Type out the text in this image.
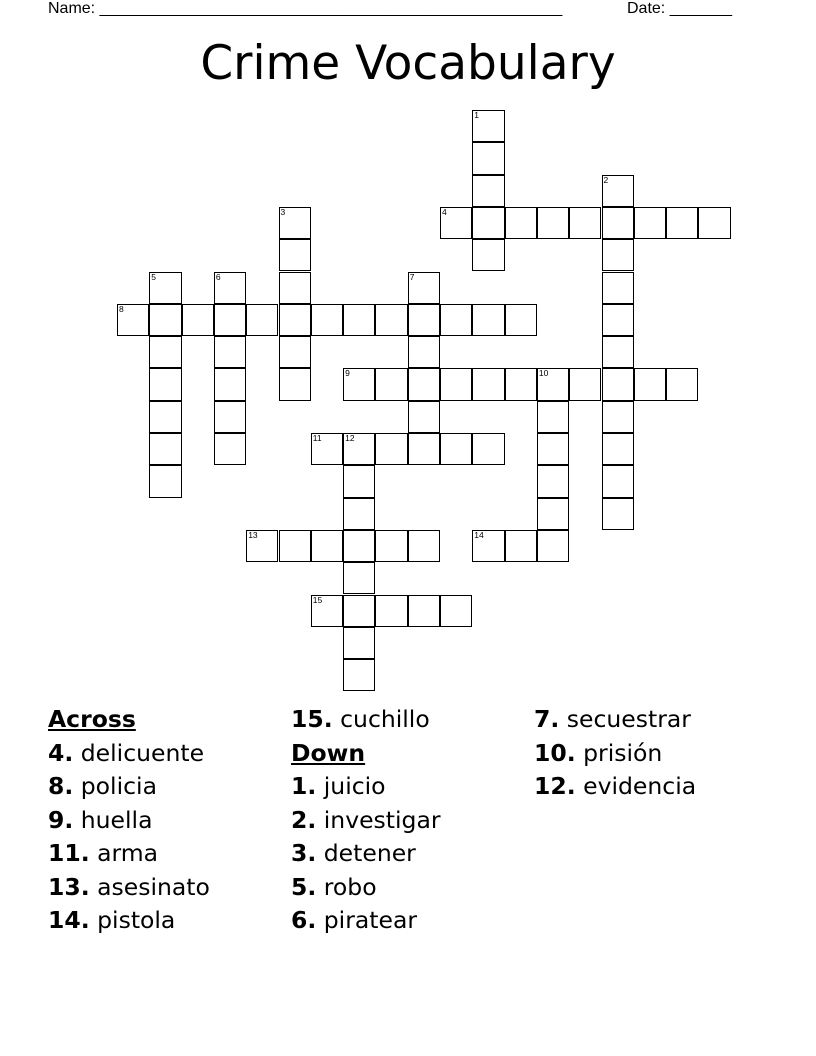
Name: ____________________________________________________	Date: _______
Crime Vocabulary
1
2
3	4
5	6	7
8
9	10
11	12
13	14
15
Across
4. delicuente
8. policia
9. huella
11. arma
13. asesinato
14. pistola
15. cuchillo
Down
1. juicio
2. investigar
3. detener
5. robo
6. piratear
7. secuestrar
10. prisión
12. evidencia
